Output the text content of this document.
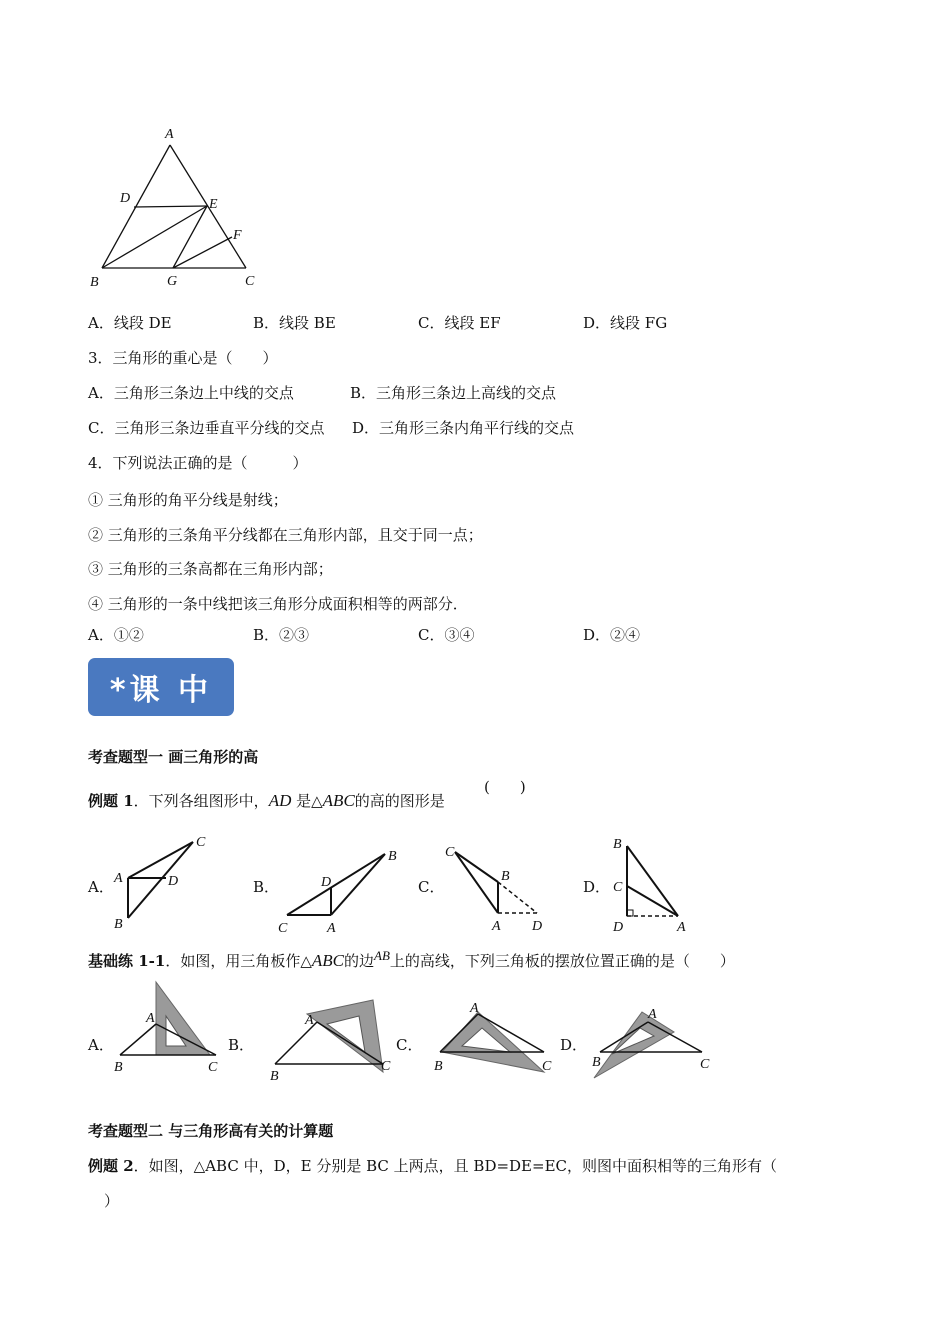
A
D	E
F
B	G	C
A．线段 DE	B．线段 BE	C．线段 EF	D．线段 FG
3．三角形的重心是（　　）
A．三角形三条边上中线的交点	B．三角形三条边上高线的交点
C．三角形三条边垂直平分线的交点 D．三角形三条内角平行线的交点
4．下列说法正确的是（　　　）
① 三角形的角平分线是射线；
② 三角形的三条角平分线都在三角形内部，且交于同一点；
③ 三角形的三条高都在三角形内部；
④ 三角形的一条中线把该三角形分成面积相等的两部分．
A．①②	B．②③	C．③④	D．②④
*课 中
考查题型一 画三角形的高
例题 1．下列各组图形中，AD 是△ABC的高的图形是
(　　)
A．	B．	C．	D．
C
A	D
B
B
D
C	A
C
B
A D
B
C
D	A
基础练 1-1．如图，用三角板作△ABC的边AB上的高线，下列三角板的摆放位置正确的是（　　）
A．	B．	C．	D．
A
B	C
A
B
C
A
B	C
A
B	C
考查题型二 与三角形高有关的计算题
例题 2．如图，△ABC 中，D，E 分别是 BC 上两点，且 BD=DE=EC，则图中面积相等的三角形有（
）
